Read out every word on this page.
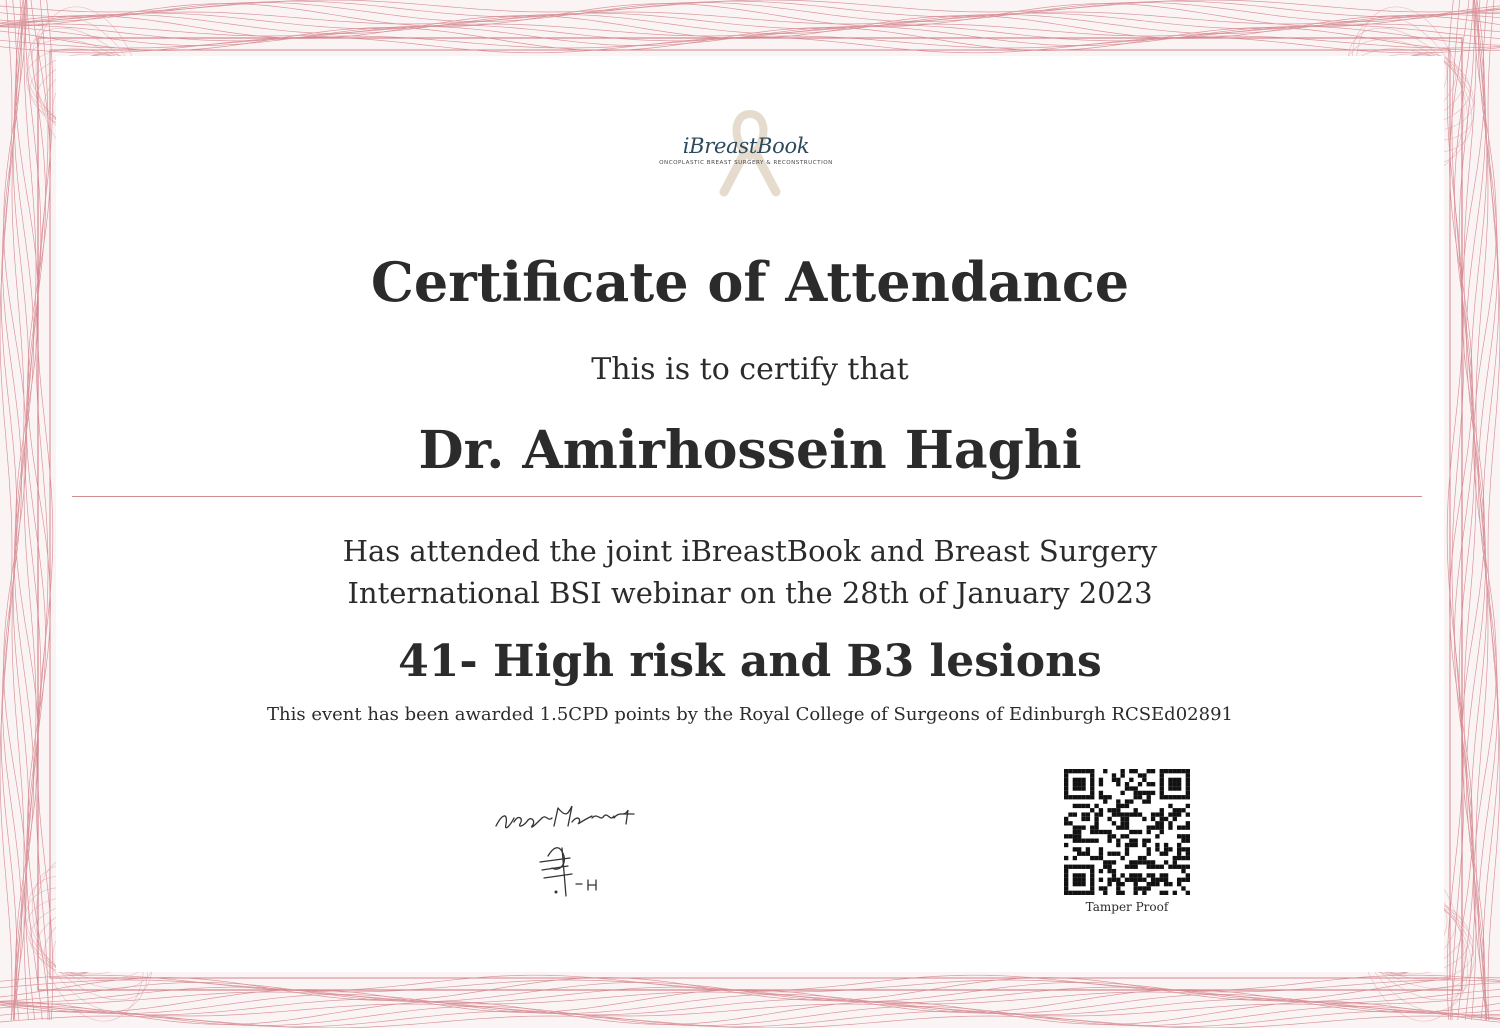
iBreastBook
ONCOPLASTIC BREAST SURGERY & RECONSTRUCTION
Certificate of Attendance
This is to certify that
Dr. Amirhossein Haghi
Has attended the joint iBreastBook and Breast Surgery
International BSI webinar on the 28th of January 2023
41- High risk and B3 lesions
This event has been awarded 1.5CPD points by the Royal College of Surgeons of Edinburgh RCSEd02891
Tamper Proof
